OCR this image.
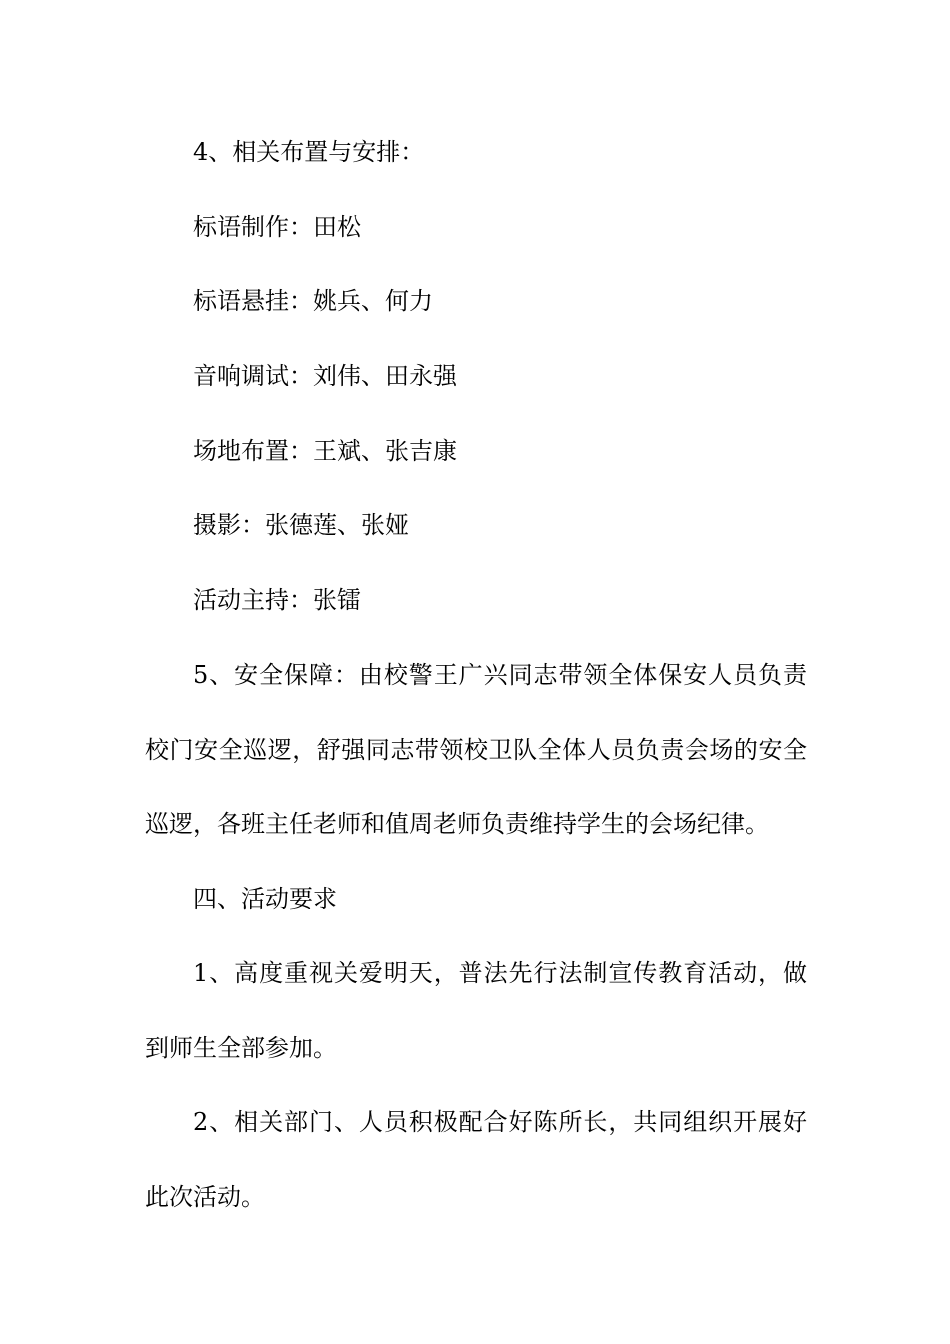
4、相关布置与安排：

标语制作：田松

标语悬挂：姚兵、何力

音响调试：刘伟、田永强

场地布置：王斌、张吉康

摄影：张德莲、张娅

活动主持：张镭

5、安全保障：由校警王广兴同志带领全体保安人员负责校门安全巡逻，舒强同志带领校卫队全体人员负责会场的安全巡逻，各班主任老师和值周老师负责维持学生的会场纪律。

四、活动要求

1、高度重视关爱明天，普法先行法制宣传教育活动，做到师生全部参加。

2、相关部门、人员积极配合好陈所长，共同组织开展好此次活动。
